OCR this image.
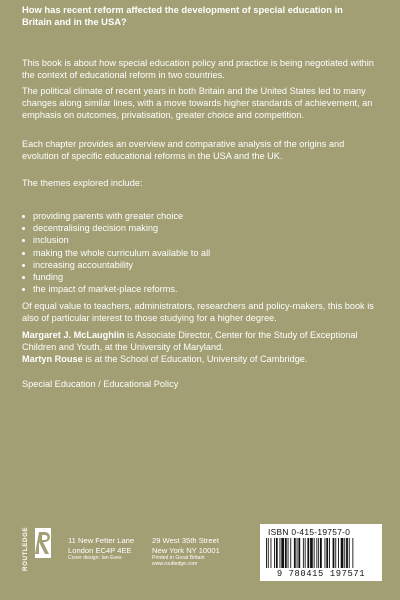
How has recent reform affected the development of special education in Britain and in the USA?
This book is about how special education policy and practice is being negotiated within the context of educational reform in two countries.
The political climate of recent years in both Britain and the United States led to many changes along similar lines, with a move towards higher standards of achievement, an emphasis on outcomes, privatisation, greater choice and competition.
Each chapter provides an overview and comparative analysis of the origins and evolution of specific educational reforms in the USA and the UK.
The themes explored include:
providing parents with greater choice
decentralising decision making
inclusion
making the whole curriculum available to all
increasing accountability
funding
the impact of market-place reforms.
Of equal value to teachers, administrators, researchers and policy-makers, this book is also of particular interest to those studying for a higher degree.
Margaret J. McLaughlin is Associate Director, Center for the Study of Exceptional Children and Youth, at the University of Maryland.
Martyn Rouse is at the School of Education, University of Cambridge.
Special Education / Educational Policy
ROUTLEDGE	11 New Fetter Lane
London EC4P 4EE
Cover design: Ian Eves
29 West 35th Street
New York NY 10001
Printed in Great Britain
www.routledge.com
ISBN 0-415-19757-0
9 780415 197571
